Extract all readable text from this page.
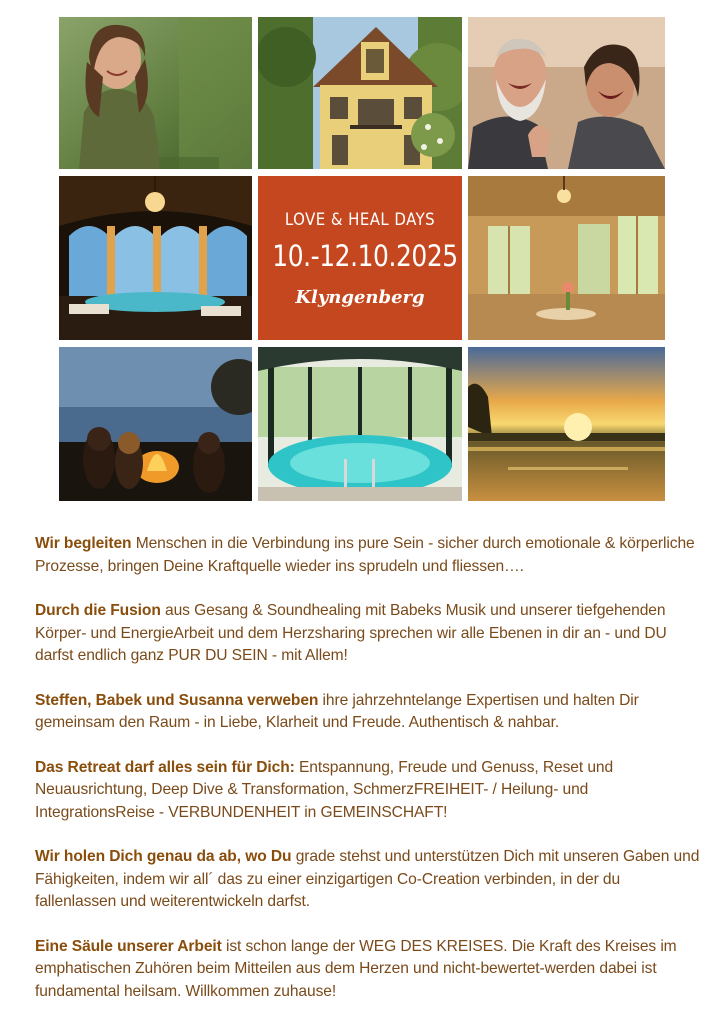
LOVE & HEAL DAYS
10.-12.10.2025
Klyngenberg

Wir begleiten Menschen in die Verbindung ins pure Sein - sicher durch emotionale & körperliche Prozesse, bringen Deine Kraftquelle wieder ins sprudeln und fliessen….

Durch die Fusion aus Gesang & Soundhealing mit Babeks Musik und unserer tiefgehenden Körper- und EnergieArbeit und dem Herzsharing sprechen wir alle Ebenen in dir an - und DU darfst endlich ganz PUR DU SEIN - mit Allem!

Steffen, Babek und Susanna verweben ihre jahrzehntelange Expertisen und halten Dir gemeinsam den Raum - in Liebe, Klarheit und Freude. Authentisch & nahbar.

Das Retreat darf alles sein für Dich: Entspannung, Freude und Genuss, Reset und Neuausrichtung, Deep Dive & Transformation, SchmerzFREIHEIT- / Heilung- und IntegrationsReise - VERBUNDENHEIT in GEMEINSCHAFT!

Wir holen Dich genau da ab, wo Du grade stehst und unterstützen Dich mit unseren Gaben und Fähigkeiten, indem wir all´ das zu einer einzigartigen Co-Creation verbinden, in der du fallenlassen und weiterentwickeln darfst.

Eine Säule unserer Arbeit ist schon lange der WEG DES KREISES. Die Kraft des Kreises im emphatischen Zuhören beim Mitteilen aus dem Herzen und nicht-bewertet-werden dabei ist fundamental heilsam. Willkommen zuhause!
